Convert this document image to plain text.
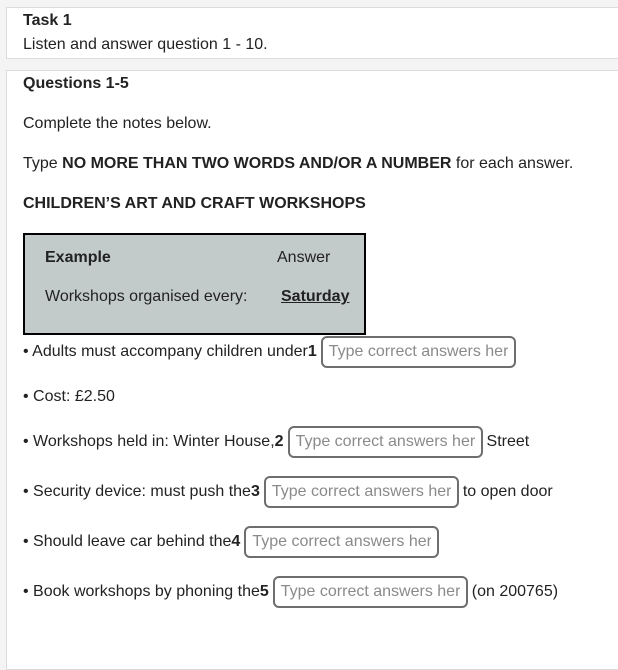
Task 1
Listen and answer question 1 - 10.
Questions 1-5
Complete the notes below.
Type NO MORE THAN TWO WORDS AND/OR A NUMBER for each answer.
CHILDREN’S ART AND CRAFT WORKSHOPS
Example	Answer
Workshops organised every: Saturday
• Adults must accompany children under 1
Type correct answers here
• Cost: £2.50
• Workshops held in: Winter House, 2
Type correct answers here	Street
• Security device: must push the 3
Type correct answers here	to open door
• Should leave car behind the 4
Type correct answers here
• Book workshops by phoning the 5
Type correct answers here	(on 200765)
